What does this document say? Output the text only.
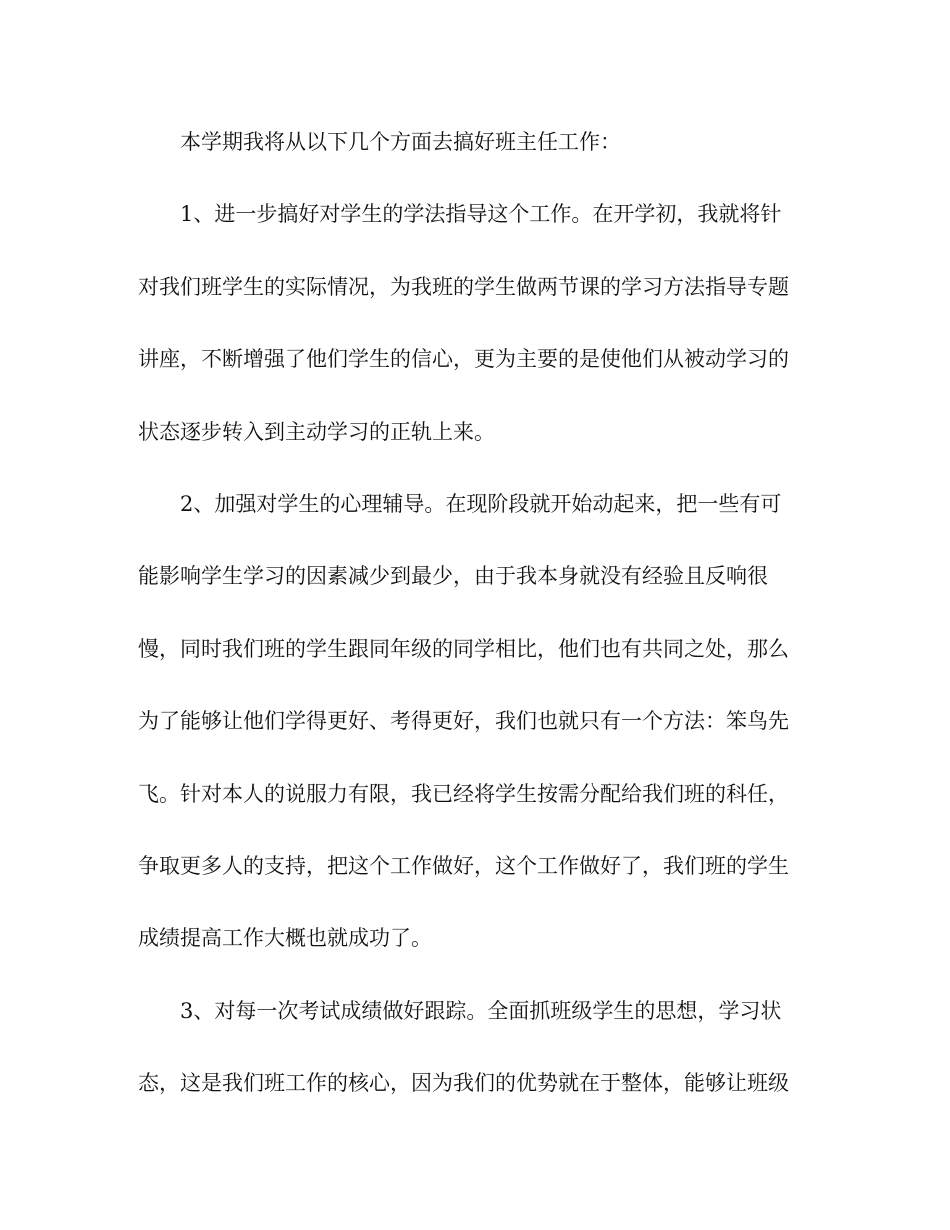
本学期我将从以下几个方面去搞好班主任工作：
1、进一步搞好对学生的学法指导这个工作。在开学初，我就将针
对我们班学生的实际情况，为我班的学生做两节课的学习方法指导专题
讲座，不断增强了他们学生的信心，更为主要的是使他们从被动学习的
状态逐步转入到主动学习的正轨上来。
2、加强对学生的心理辅导。在现阶段就开始动起来，把一些有可
能影响学生学习的因素减少到最少，由于我本身就没有经验且反响很
慢，同时我们班的学生跟同年级的同学相比，他们也有共同之处，那么
为了能够让他们学得更好、考得更好，我们也就只有一个方法：笨鸟先
飞。针对本人的说服力有限，我已经将学生按需分配给我们班的科任，
争取更多人的支持，把这个工作做好，这个工作做好了，我们班的学生
成绩提高工作大概也就成功了。
3、对每一次考试成绩做好跟踪。全面抓班级学生的思想，学习状
态，这是我们班工作的核心，因为我们的优势就在于整体，能够让班级
